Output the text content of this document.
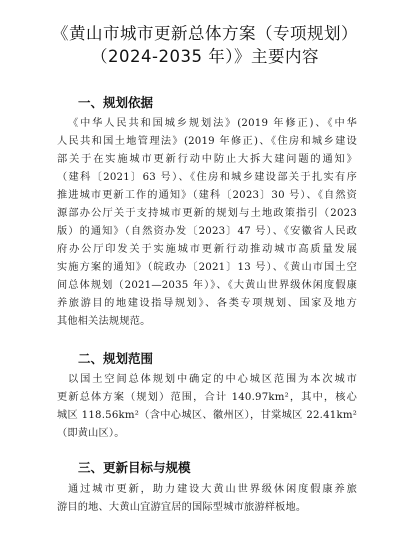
《黄山市城市更新总体方案（专项规划）
（2024-2035 年）》主要内容
一、规划依据
《中华人民共和国城乡规划法》(2019 年修正)、《中华
人民共和国土地管理法》(2019 年修正)、《住房和城乡建设
部关于在实施城市更新行动中防止大拆大建问题的通知》
（建科〔2021〕63 号）、《住房和城乡建设部关于扎实有序
推进城市更新工作的通知》（建科〔2023〕30 号）、《自然资
源部办公厅关于支持城市更新的规划与土地政策指引（2023
版）的通知》（自然资办发〔2023〕47 号）、《安徽省人民政
府办公厅印发关于实施城市更新行动推动城市高质量发展
实施方案的通知》（皖政办〔2021〕13 号）、《黄山市国土空
间总体规划（2021—2035 年）》、《大黄山世界级休闲度假康
养旅游目的地建设指导规划》、各类专项规划、国家及地方
其他相关法规规范。
二、规划范围
以国土空间总体规划中确定的中心城区范围为本次城市
更新总体方案（规划）范围，合计 140.97km²，其中，核心
城区 118.56km²（含中心城区、徽州区），甘棠城区 22.41km²
（即黄山区）。
三、更新目标与规模
通过城市更新，助力建设大黄山世界级休闲度假康养旅
游目的地、大黄山宜游宜居的国际型城市旅游样板地。
